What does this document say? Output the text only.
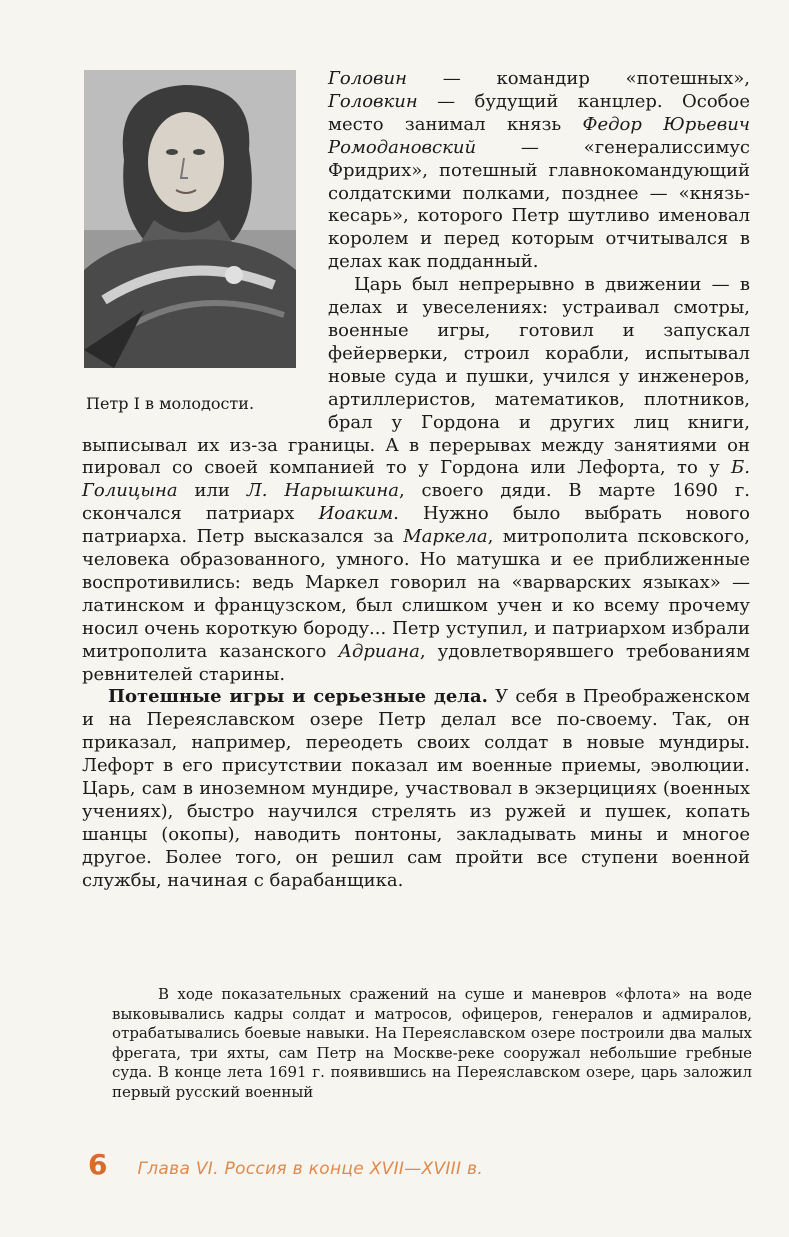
Петр I в молодости.

Головин — командир «потешных», Головкин — будущий канцлер. Особое место занимал князь Федор Юрьевич Ромодановский — «генералиссимус Фридрих», потешный главнокомандующий солдатскими полками, позднее — «князь-кесарь», которого Петр шутливо именовал королем и перед которым отчитывался в делах как подданный.

Царь был непрерывно в движении — в делах и увеселениях: устраивал смотры, военные игры, готовил и запускал фейерверки, строил корабли, испытывал новые суда и пушки, учился у инженеров, артиллеристов, математиков, плотников, брал у Гордона и других лиц книги, выписывал их из-за границы. А в перерывах между занятиями он пировал со своей компанией то у Гордона или Лефорта, то у Б. Голицына или Л. Нарышкина, своего дяди. В марте 1690 г. скончался патриарх Иоаким. Нужно было выбрать нового патриарха. Петр высказался за Маркела, митрополита псковского, человека образованного, умного. Но матушка и ее приближенные воспротивились: ведь Маркел говорил на «варварских языках» — латинском и французском, был слишком учен и ко всему прочему носил очень короткую бороду... Петр уступил, и патриархом избрали митрополита казанского Адриана, удовлетворявшего требованиям ревнителей старины.

Потешные игры и серьезные дела. У себя в Преображенском и на Переяславском озере Петр делал все по-своему. Так, он приказал, например, переодеть своих солдат в новые мундиры. Лефорт в его присутствии показал им военные приемы, эволюции. Царь, сам в иноземном мундире, участвовал в экзерцициях (военных учениях), быстро научился стрелять из ружей и пушек, копать шанцы (окопы), наводить понтоны, закладывать мины и многое другое. Более того, он решил сам пройти все ступени военной службы, начиная с барабанщика.

В ходе показательных сражений на суше и маневров «флота» на воде выковывались кадры солдат и матросов, офицеров, генералов и адмиралов, отрабатывались боевые навыки. На Переяславском озере построили два малых фрегата, три яхты, сам Петр на Москве-реке сооружал небольшие гребные суда. В конце лета 1691 г. появившись на Переяславском озере, царь заложил первый русский военный

6 Глава VI. Россия в конце XVII—XVIII в.
